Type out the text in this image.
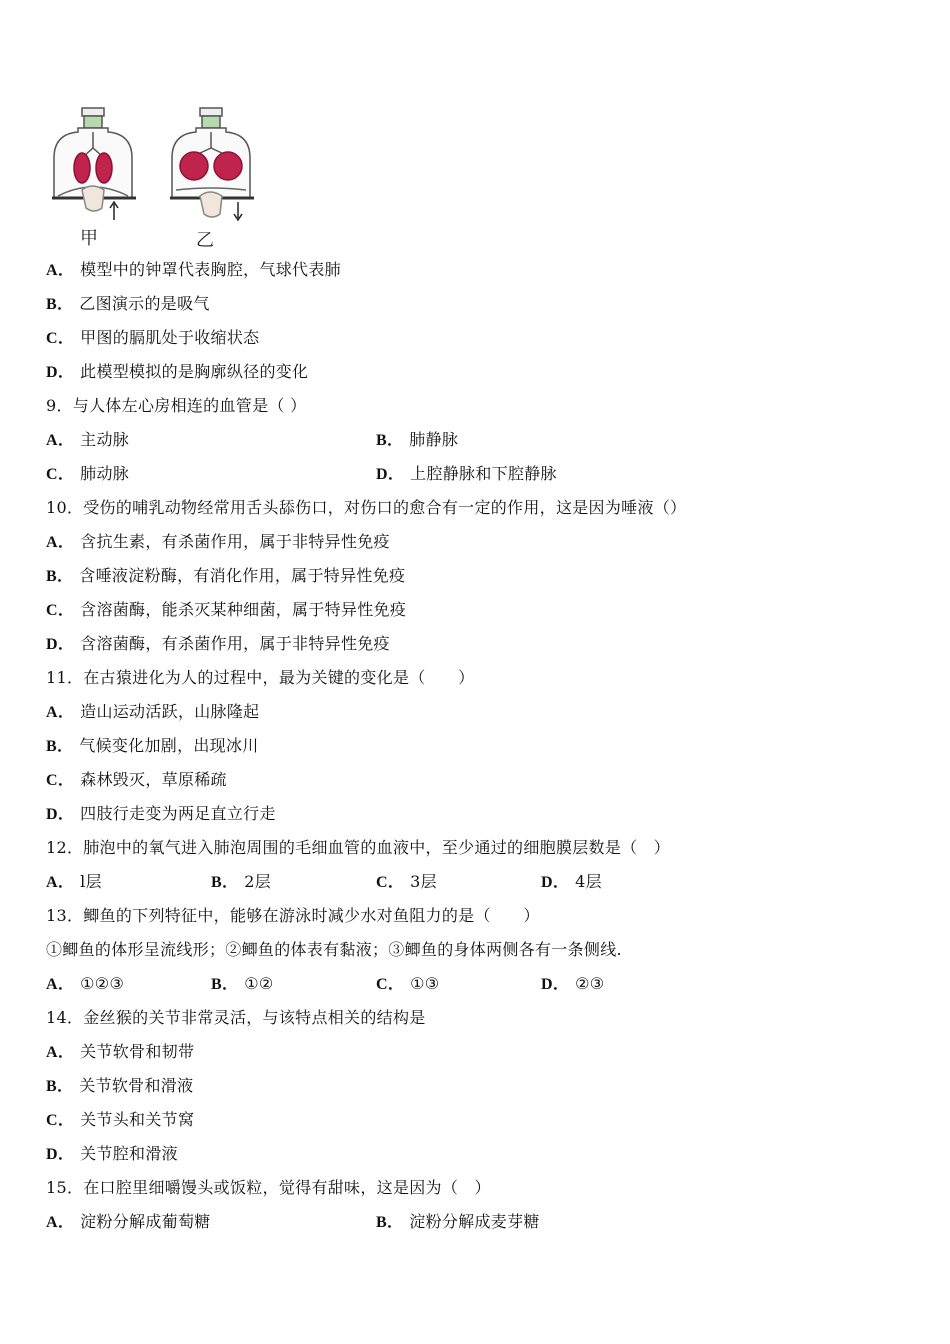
甲	乙
A． 模型中的钟罩代表胸腔，气球代表肺
B． 乙图演示的是吸气
C． 甲图的膈肌处于收缩状态
D． 此模型模拟的是胸廓纵径的变化
9．与人体左心房相连的血管是（ ）
A． 主动脉	B． 肺静脉
C． 肺动脉	D． 上腔静脉和下腔静脉
10．受伤的哺乳动物经常用舌头舔伤口，对伤口的愈合有一定的作用，这是因为唾液（）
A． 含抗生素，有杀菌作用，属于非特异性免疫
B． 含唾液淀粉酶，有消化作用，属于特异性免疫
C． 含溶菌酶，能杀灭某种细菌，属于特异性免疫
D． 含溶菌酶，有杀菌作用，属于非特异性免疫
11．在古猿进化为人的过程中，最为关键的变化是（　　）
A． 造山运动活跃，山脉隆起
B． 气候变化加剧，出现冰川
C． 森林毁灭，草原稀疏
D． 四肢行走变为两足直立行走
12．肺泡中的氧气进入肺泡周围的毛细血管的血液中，至少通过的细胞膜层数是（　）
A． l层	B． 2层	C． 3层	D． 4层
13．鲫鱼的下列特征中，能够在游泳时减少水对鱼阻力的是（　　）
①鲫鱼的体形呈流线形；②鲫鱼的体表有黏液；③鲫鱼的身体两侧各有一条侧线.
A． ①②③	B． ①②	C． ①③	D． ②③
14．金丝猴的关节非常灵活，与该特点相关的结构是
A． 关节软骨和韧带
B． 关节软骨和滑液
C． 关节头和关节窝
D． 关节腔和滑液
15．在口腔里细嚼馒头或饭粒，觉得有甜味，这是因为（　）
A． 淀粉分解成葡萄糖	B． 淀粉分解成麦芽糖
